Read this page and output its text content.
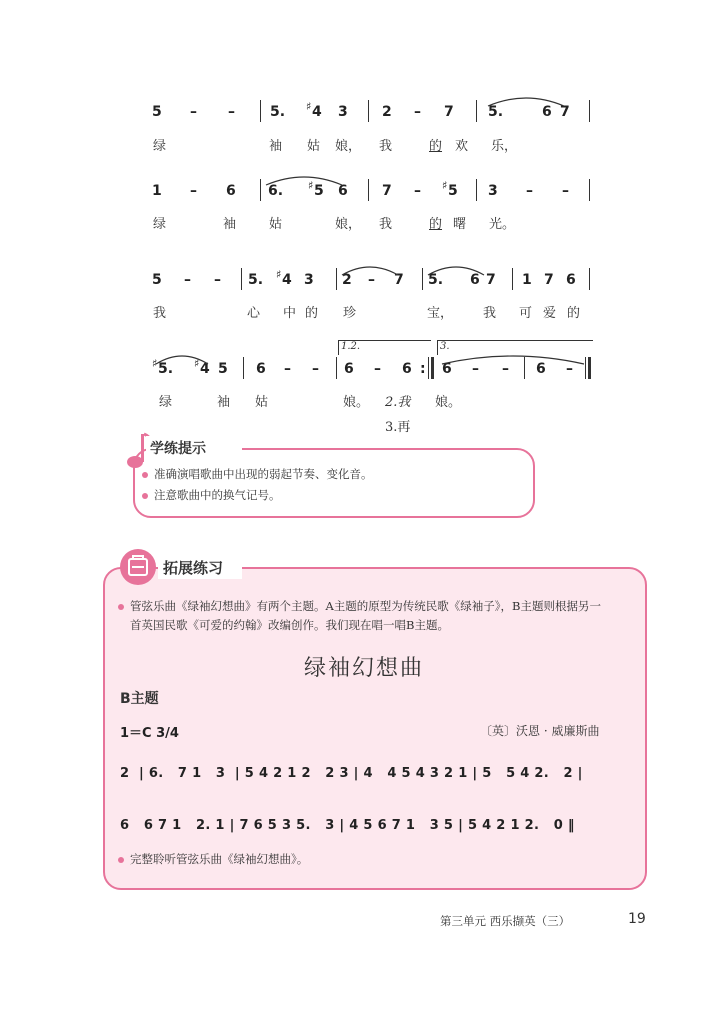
5 – –	5. ♯ 4 3 2 – 7 5.	6 7
绿	袖 姑 娘， 我	的 欢 乐，
1 – 6 6. ♯ 5 6 7 – ♯ 5 3 – –
绿	袖	姑	娘， 我	的 曙 光。
5 – – 5. ♯ 4 3 2 – 7 5. 6 7 1 7 6
我	心 中 的 珍	宝， 我 可 爱 的
1.2.	3.
♯ 5. ♯ 4 5 6 – – 6 – 6 : 6 – – 6 –
绿	袖 姑	娘。 2.我 娘。
3.再
学练提示
准确演唱歌曲中出现的弱起节奏、变化音。
注意歌曲中的换气记号。
拓展练习
管弦乐曲《绿袖幻想曲》有两个主题。A主题的原型为传统民歌《绿袖子》，B主题则根据另一
首英国民歌《可爱的约翰》改编创作。我们现在唱一唱B主题。
绿袖幻想曲
B主题
1＝C 3/4	〔英〕沃恩 · 威廉斯曲
2  | 6.   7 1   3  | 5 4 2 1 2   2 3 | 4   4 5 4 3 2 1 | 5   5 4 2.   2 |
6   6 7 1   2. 1 | 7 6 5 3 5.   3 | 4 5 6 7 1   3 5 | 5 4 2 1 2.   0 ‖
完整聆听管弦乐曲《绿袖幻想曲》。
第三单元 西乐撷英（三）	19
